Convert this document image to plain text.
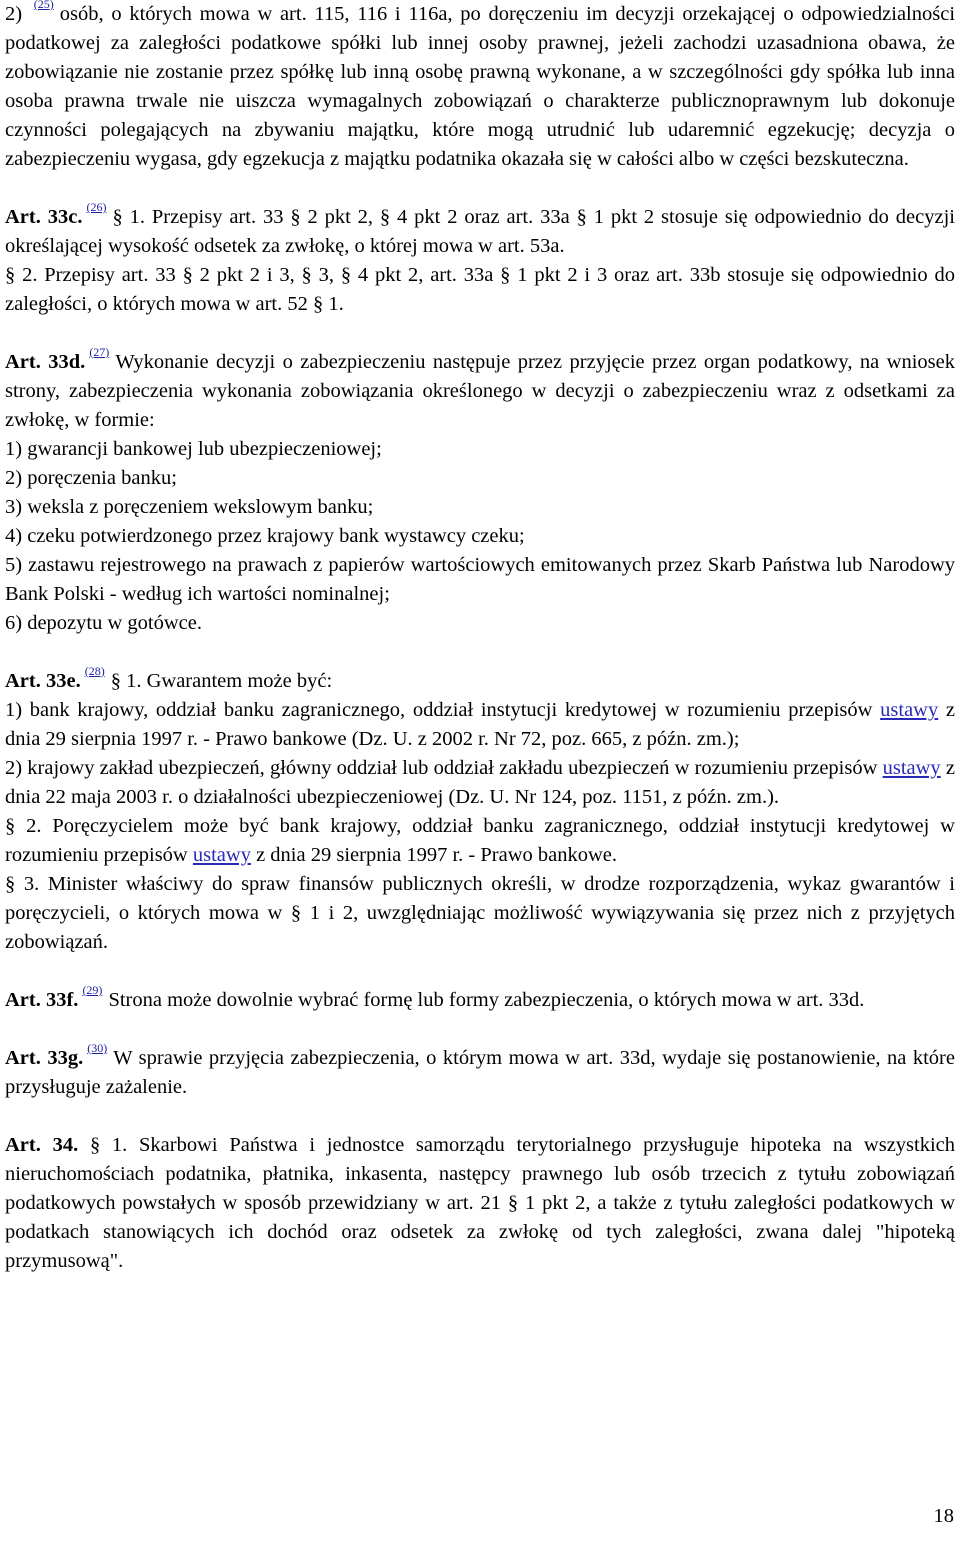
2) $^{(25)}$ osób, o których mowa w art. 115, 116 i 116a, po doręczeniu im decyzji orzekającej o odpowiedzialności podatkowej za zaległości podatkowe spółki lub innej osoby prawnej, jeżeli zachodzi uzasadniona obawa, że zobowiązanie nie zostanie przez spółkę lub inną osobę prawną wykonane, a w szczególności gdy spółka lub inna osoba prawna trwale nie uiszcza wymagalnych zobowiązań o charakterze publicznoprawnym lub dokonuje czynności polegających na zbywaniu majątku, które mogą utrudnić lub udaremnić egzekucję; decyzja o zabezpieczeniu wygasa, gdy egzekucja z majątku podatnika okazała się w całości albo w części bezskuteczna.

Art. 33c. $^{(26)}$ § 1. Przepisy art. 33 § 2 pkt 2, § 4 pkt 2 oraz art. 33a § 1 pkt 2 stosuje się odpowiednio do decyzji określającej wysokość odsetek za zwłokę, o której mowa w art. 53a.

§ 2. Przepisy art. 33 § 2 pkt 2 i 3, § 3, § 4 pkt 2, art. 33a § 1 pkt 2 i 3 oraz art. 33b stosuje się odpowiednio do zaległości, o których mowa w art. 52 § 1.

Art. 33d. $^{(27)}$ Wykonanie decyzji o zabezpieczeniu następuje przez przyjęcie przez organ podatkowy, na wniosek strony, zabezpieczenia wykonania zobowiązania określonego w decyzji o zabezpieczeniu wraz z odsetkami za zwłokę, w formie:

1) gwarancji bankowej lub ubezpieczeniowej;

2) poręczenia banku;

3) weksla z poręczeniem wekslowym banku;

4) czeku potwierdzonego przez krajowy bank wystawcy czeku;

5) zastawu rejestrowego na prawach z papierów wartościowych emitowanych przez Skarb Państwa lub Narodowy Bank Polski - według ich wartości nominalnej;

6) depozytu w gotówce.

Art. 33e. $^{(28)}$ § 1. Gwarantem może być:

1) bank krajowy, oddział banku zagranicznego, oddział instytucji kredytowej w rozumieniu przepisów ustawy z dnia 29 sierpnia 1997 r. - Prawo bankowe (Dz. U. z 2002 r. Nr 72, poz. 665, z późn. zm.);

2) krajowy zakład ubezpieczeń, główny oddział lub oddział zakładu ubezpieczeń w rozumieniu przepisów ustawy z dnia 22 maja 2003 r. o działalności ubezpieczeniowej (Dz. U. Nr 124, poz. 1151, z późn. zm.).

§ 2. Poręczycielem może być bank krajowy, oddział banku zagranicznego, oddział instytucji kredytowej w rozumieniu przepisów ustawy z dnia 29 sierpnia 1997 r. - Prawo bankowe.

§ 3. Minister właściwy do spraw finansów publicznych określi, w drodze rozporządzenia, wykaz gwarantów i poręczycieli, o których mowa w § 1 i 2, uwzględniając możliwość wywiązywania się przez nich z przyjętych zobowiązań.

Art. 33f. $^{(29)}$ Strona może dowolnie wybrać formę lub formy zabezpieczenia, o których mowa w art. 33d.

Art. 33g. $^{(30)}$ W sprawie przyjęcia zabezpieczenia, o którym mowa w art. 33d, wydaje się postanowienie, na które przysługuje zażalenie.

Art. 34. § 1. Skarbowi Państwa i jednostce samorządu terytorialnego przysługuje hipoteka na wszystkich nieruchomościach podatnika, płatnika, inkasenta, następcy prawnego lub osób trzecich z tytułu zobowiązań podatkowych powstałych w sposób przewidziany w art. 21 § 1 pkt 2, a także z tytułu zaległości podatkowych w podatkach stanowiących ich dochód oraz odsetek za zwłokę od tych zaległości, zwana dalej "hipoteką przymusową".

18
